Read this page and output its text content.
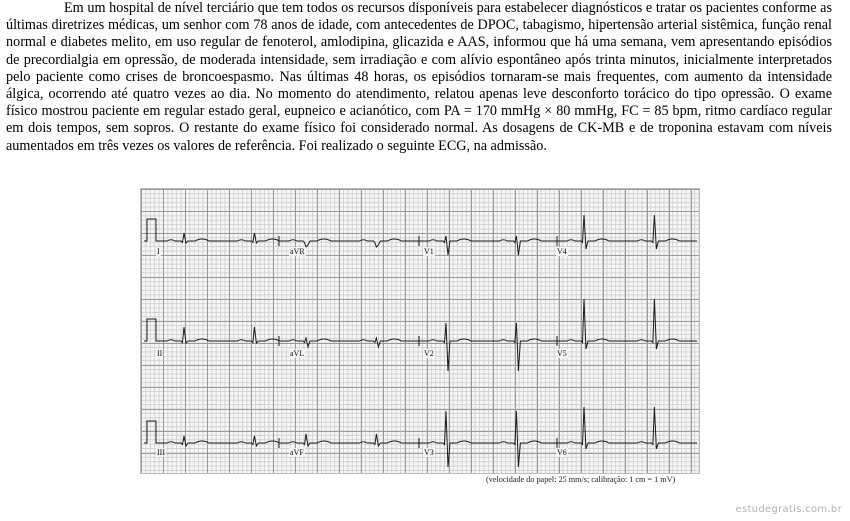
Em um hospital de nível terciário que tem todos os recursos disponíveis para estabelecer diagnósticos e tratar os pacientes conforme as últimas diretrizes médicas, um senhor com 78 anos de idade, com antecedentes de DPOC, tabagismo, hipertensão arterial sistêmica, função renal normal e diabetes melito, em uso regular de fenoterol, amlodipina, glicazida e AAS, informou que há uma semana, vem apresentando episódios de precordialgia em opressão, de moderada intensidade, sem irradiação e com alívio espontâneo após trinta minutos, inicialmente interpretados pelo paciente como crises de broncoespasmo. Nas últimas 48 horas, os episódios tornaram-se mais frequentes, com aumento da intensidade álgica, ocorrendo até quatro vezes ao dia. No momento do atendimento, relatou apenas leve desconforto torácico do tipo opressão. O exame físico mostrou paciente em regular estado geral, eupneico e acianótico, com PA = 170 mmHg × 80 mmHg, FC = 85 bpm, ritmo cardíaco regular em dois tempos, sem sopros. O restante do exame físico foi considerado normal. As dosagens de CK-MB e de troponina estavam com níveis aumentados em três vezes os valores de referência. Foi realizado o seguinte ECG, na admissão.

I	aVR	V1	V4
II	aVL	V2	V5
III	aVF	V3	V6
(velocidade do papel: 25 mm/s; calibração: 1 cm = 1 mV)
estudegratis.com.br
